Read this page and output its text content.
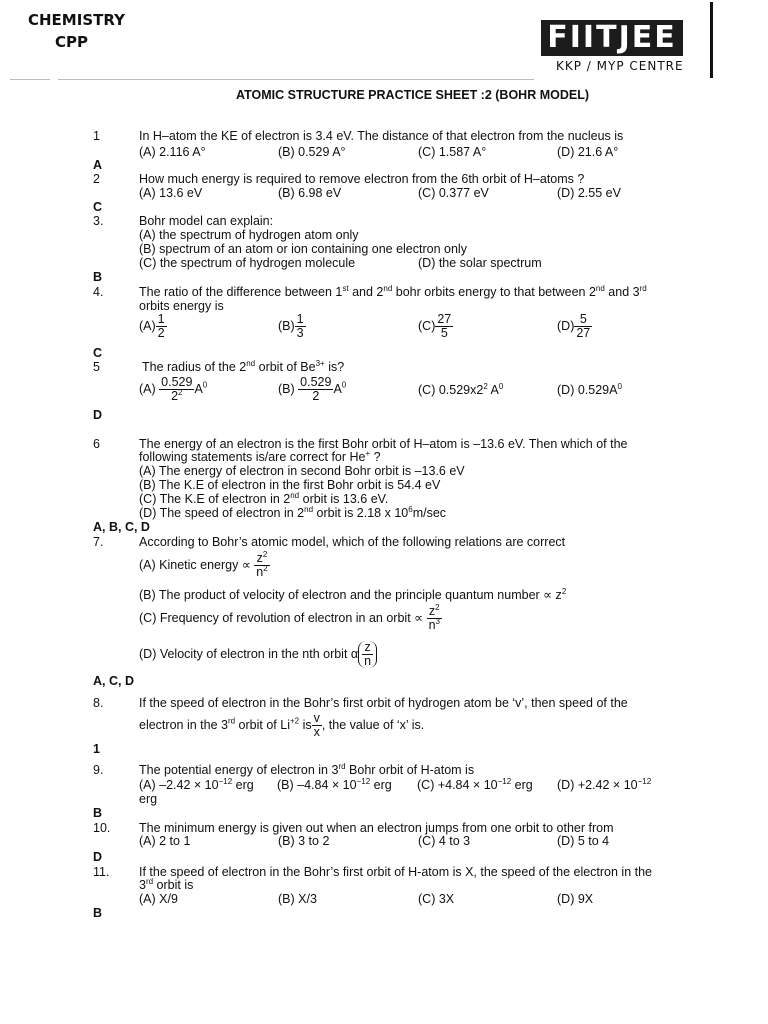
CHEMISTRY
CPP	FIITJEE
KKP / MYP CENTRE
ATOMIC STRUCTURE PRACTICE SHEET :2 (BOHR MODEL)
1	In H–atom the KE of electron is 3.4 eV. The distance of that electron from the nucleus is
(A) 2.116 A°	(B) 0.529 A°	(C) 1.587 A°	(D) 21.6 A°
A
2	How much energy is required to remove electron from the 6th orbit of H–atoms ?
(A) 13.6 eV	(B) 6.98 eV	(C) 0.377 eV	(D) 2.55 eV
C
3.	Bohr model can explain:
(A) the spectrum of hydrogen atom only
(B) spectrum of an atom or ion containing one electron only
(C) the spectrum of hydrogen molecule	(D) the solar spectrum
B
4.	The ratio of the difference between 1st and 2nd bohr orbits energy to that between 2nd and 3rd
orbits energy is
$(A) \frac{1}{2}$	$(B) \frac{1}{3}$	$(C) \frac{27}{5}$	$(D) \frac{5}{27}$
C
5	The radius of the 2nd orbit of $Be^{3+}$ is?
$(A) \frac{0.529}{2^2} A^0$	$(B) \frac{0.529}{2} A^0$	(C) $0.529x2^2$ $A^0$	(D) $0.529A^0$
D
6	The energy of an electron is the first Bohr orbit of H–atom is –13.6 eV. Then which of the
following statements is/are correct for He+ ?
(A) The energy of electron in second Bohr orbit is –13.6 eV
(B) The K.E of electron in the first Bohr orbit is 54.4 eV
(C) The K.E of electron in 2nd orbit is 13.6 eV.
(D) The speed of electron in 2nd orbit is 2.18 x $10^6m/\sec$
A, B, C, D
7.	According to Bohr’s atomic model, which of the following relations are correct
(A) Kinetic energy ∝ $\frac{z^2}{n^2}$
(B) The product of velocity of electron and the principle quantum number ∝ $z^2$
(C) Frequency of revolution of electron in an orbit ∝ $\frac{z^2}{n^3}$
(D) Velocity of electron in the nth orbit α $\frac{z}{n}$
A, C, D
8.	If the speed of electron in the Bohr’s first orbit of hydrogen atom be ‘v’, then speed of the
electron in the 3rd orbit of $Li^{+2}$ is $\frac{v}{x}$ , the value of ‘x’ is.
1
9.	The potential energy of electron in 3rd Bohr orbit of H-atom is
(A) $-2.42 \times 10^{-12}$ erg (B) $-4.84 \times 10^{-12}$ erg $(C) +4.84 \times 10^{-12}$ erg $(D) +2.42 \times 10^{-12}$
erg
B
10. The minimum energy is given out when an electron jumps from one orbit to other from
(A) 2 to 1	(B) 3 to 2	(C) 4 to 3	(D) 5 to 4
D
11. If the speed of electron in the Bohr’s first orbit of H-atom is X, the speed of the electron in the
3rd orbit is
(A) X/9	(B) X/3	(C) 3X	(D) 9X
B
